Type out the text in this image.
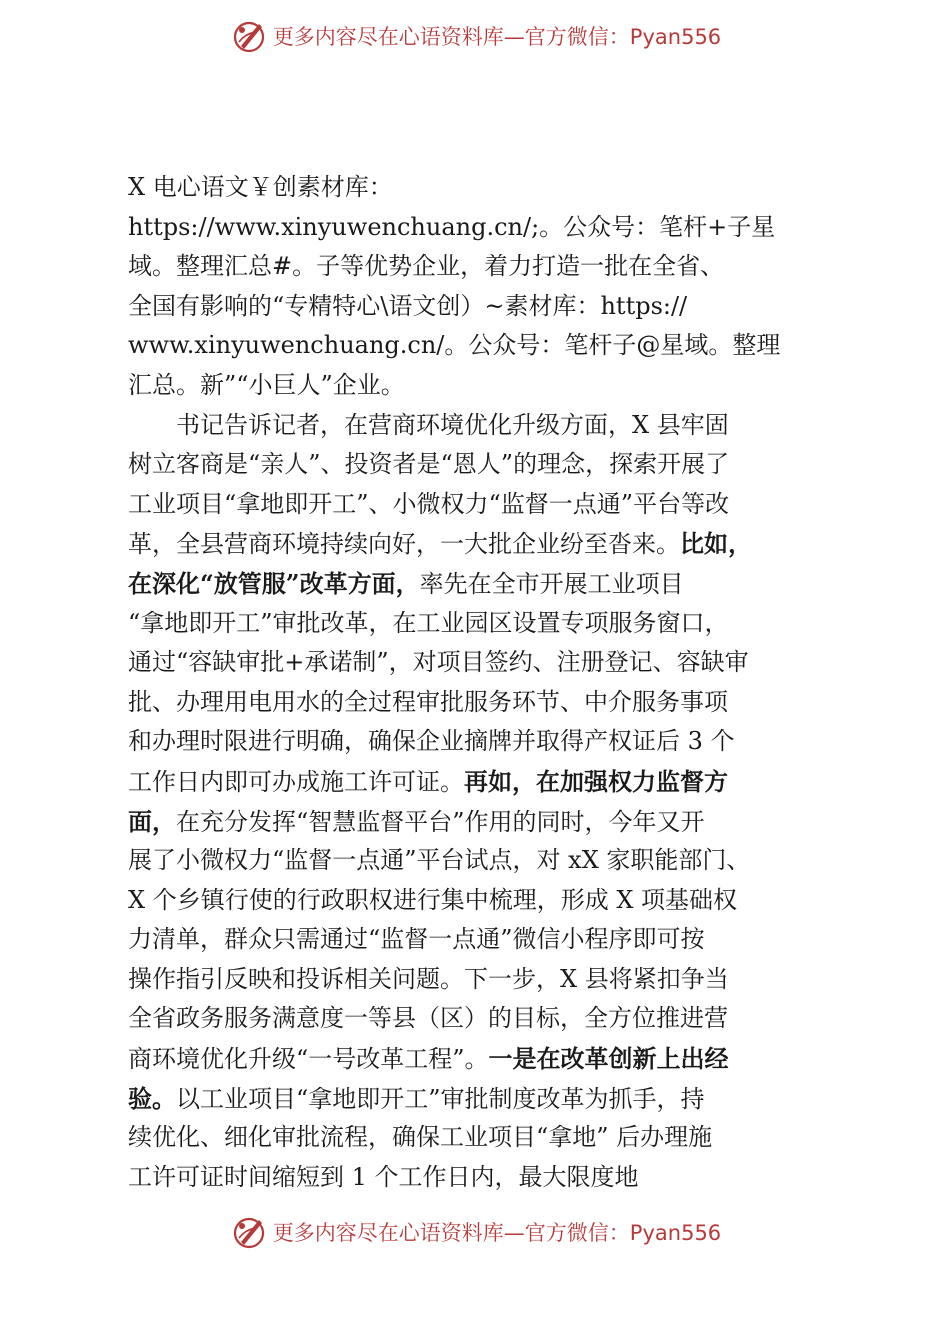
更多内容尽在心语资料库—官方微信：Pyan556
X 电心语文￥创素材库：
https://www.xinyuwenchuang.cn/;。公众号：笔杆+子星
域。整理汇总#。子等优势企业，着力打造一批在全省、
全国有影响的“专精特心\语文创）~素材库：https://
www.xinyuwenchuang.cn/。公众号：笔杆子@星域。整理
汇总。新”“小巨人”企业。
　　书记告诉记者，在营商环境优化升级方面，X 县牢固
树立客商是“亲人”、投资者是“恩人”的理念，探索开展了
工业项目“拿地即开工”、小微权力“监督一点通”平台等改
革，全县营商环境持续向好，一大批企业纷至沓来。比如，
在深化“放管服”改革方面，率先在全市开展工业项目
“拿地即开工”审批改革，在工业园区设置专项服务窗口，
通过“容缺审批+承诺制”，对项目签约、注册登记、容缺审
批、办理用电用水的全过程审批服务环节、中介服务事项
和办理时限进行明确，确保企业摘牌并取得产权证后 3 个
工作日内即可办成施工许可证。再如，在加强权力监督方
面，在充分发挥“智慧监督平台”作用的同时，今年又开
展了小微权力“监督一点通”平台试点，对 xX 家职能部门、
X 个乡镇行使的行政职权进行集中梳理，形成 X 项基础权
力清单，群众只需通过“监督一点通”微信小程序即可按
操作指引反映和投诉相关问题。下一步，X 县将紧扣争当
全省政务服务满意度一等县（区）的目标，全方位推进营
商环境优化升级“一号改革工程”。一是在改革创新上出经
验。以工业项目“拿地即开工”审批制度改革为抓手，持
续优化、细化审批流程，确保工业项目“拿地” 后办理施
工许可证时间缩短到 1 个工作日内，最大限度地
更多内容尽在心语资料库—官方微信：Pyan556
